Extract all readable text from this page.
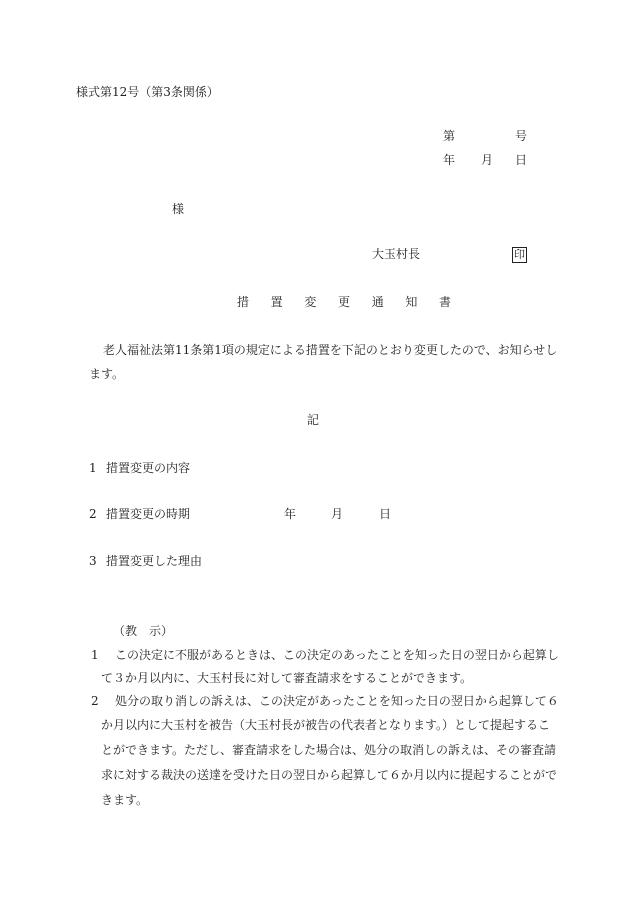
様式第12号（第3条関係）
第	号
年 月 日
様
大玉村長	印
措 置 変 更 通 知 書
老人福祉法第11条第1項の規定による措置を下記のとおり変更したので、お知らせし
ます。
記
1 措置変更の内容
2 措置変更の時期	年	月	日
3 措置変更した理由
（教　示）
1 この決定に不服があるときは、この決定のあったことを知った日の翌日から起算し
て３か月以内に、大玉村長に対して審査請求をすることができます。
2 処分の取り消しの訴えは、この決定があったことを知った日の翌日から起算して６
か月以内に大玉村を被告（大玉村長が被告の代表者となります。）として提起するこ
とができます。ただし、審査請求をした場合は、処分の取消しの訴えは、その審査請
求に対する裁決の送達を受けた日の翌日から起算して６か月以内に提起することがで
きます。
